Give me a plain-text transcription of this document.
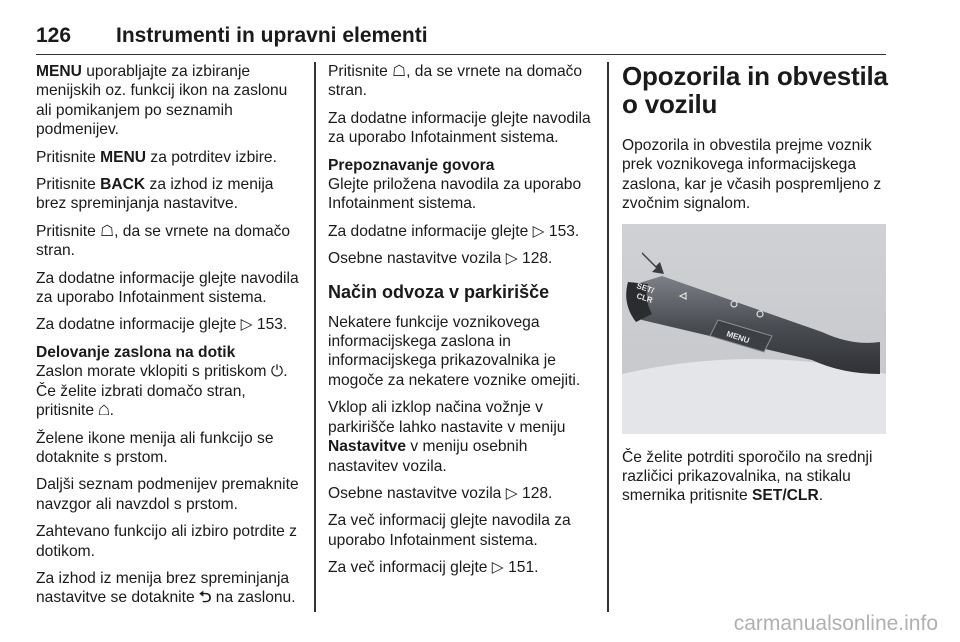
126 Instrumenti in upravni elementi

MENU uporabljajte za izbiranje menijskih oz. funkcij ikon na zaslonu ali pomikanjem po seznamih podmenijev.

Pritisnite MENU za potrditev izbire.

Pritisnite BACK za izhod iz menija brez spreminjanja nastavitve.

Pritisnite ☖, da se vrnete na domačo stran.

Za dodatne informacije glejte navodila za uporabo Infotainment sistema.

Za dodatne informacije glejte ▷ 153.

Delovanje zaslona na dotik

Zaslon morate vklopiti s pritiskom ⏻. Če želite izbrati domačo stran, pritisnite ☖.

Želene ikone menija ali funkcijo se dotaknite s prstom.

Daljši seznam podmenijev premaknite navzgor ali navzdol s prstom.

Zahtevano funkcijo ali izbiro potrdite z dotikom.

Za izhod iz menija brez spreminjanja nastavitve se dotaknite ⮌ na zaslonu.

Pritisnite ☖, da se vrnete na domačo stran.

Za dodatne informacije glejte navodila za uporabo Infotainment sistema.

Prepoznavanje govora

Glejte priložena navodila za uporabo Infotainment sistema.

Za dodatne informacije glejte ▷ 153.

Osebne nastavitve vozila ▷ 128.

Način odvoza v parkirišče

Nekatere funkcije voznikovega informacijskega zaslona in informacijskega prikazovalnika je mogoče za nekatere voznike omejiti.

Vklop ali izklop načina vožnje v parkirišče lahko nastavite v meniju Nastavitve v meniju osebnih nastavitev vozila.

Osebne nastavitve vozila ▷ 128.

Za več informacij glejte navodila za uporabo Infotainment sistema.

Za več informacij glejte ▷ 151.

Opozorila in obvestila o vozilu

Opozorila in obvestila prejme voznik prek voznikovega informacijskega zaslona, kar je včasih pospremljeno z zvočnim signalom.

SET/
CLR
MENU

Če želite potrditi sporočilo na srednji različici prikazovalnika, na stikalu smernika pritisnite SET/CLR.

carmanualsonline.info
